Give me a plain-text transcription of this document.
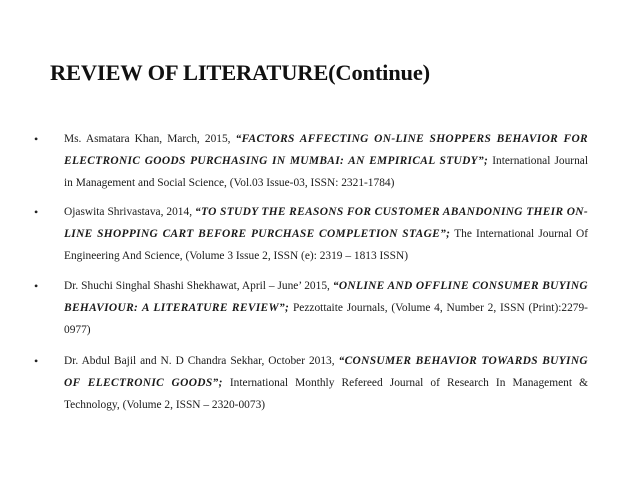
REVIEW OF LITERATURE(Continue)
•	Ms. Asmatara Khan, March, 2015, “FACTORS AFFECTING ON-LINE SHOPPERS BEHAVIOR FOR ELECTRONIC GOODS PURCHASING IN MUMBAI: AN EMPIRICAL STUDY”; International Journal in Management and Social Science, (Vol.03 Issue-03, ISSN: 2321-1784)
•	Ojaswita Shrivastava, 2014, “TO STUDY THE REASONS FOR CUSTOMER ABANDONING THEIR ON-LINE SHOPPING CART BEFORE PURCHASE COMPLETION STAGE”; The International Journal Of Engineering And Science, (Volume 3 Issue 2, ISSN (e): 2319 – 1813 ISSN)
•	Dr. Shuchi Singhal Shashi Shekhawat, April – June’ 2015, “ONLINE AND OFFLINE CONSUMER BUYING BEHAVIOUR: A LITERATURE REVIEW”; Pezzottaite Journals, (Volume 4, Number 2, ISSN (Print):2279-0977)
•	Dr. Abdul Bajil and N. D Chandra Sekhar, October 2013, “CONSUMER BEHAVIOR TOWARDS BUYING OF ELECTRONIC GOODS”; International Monthly Refereed Journal of Research In Management & Technology, (Volume 2, ISSN – 2320-0073)
